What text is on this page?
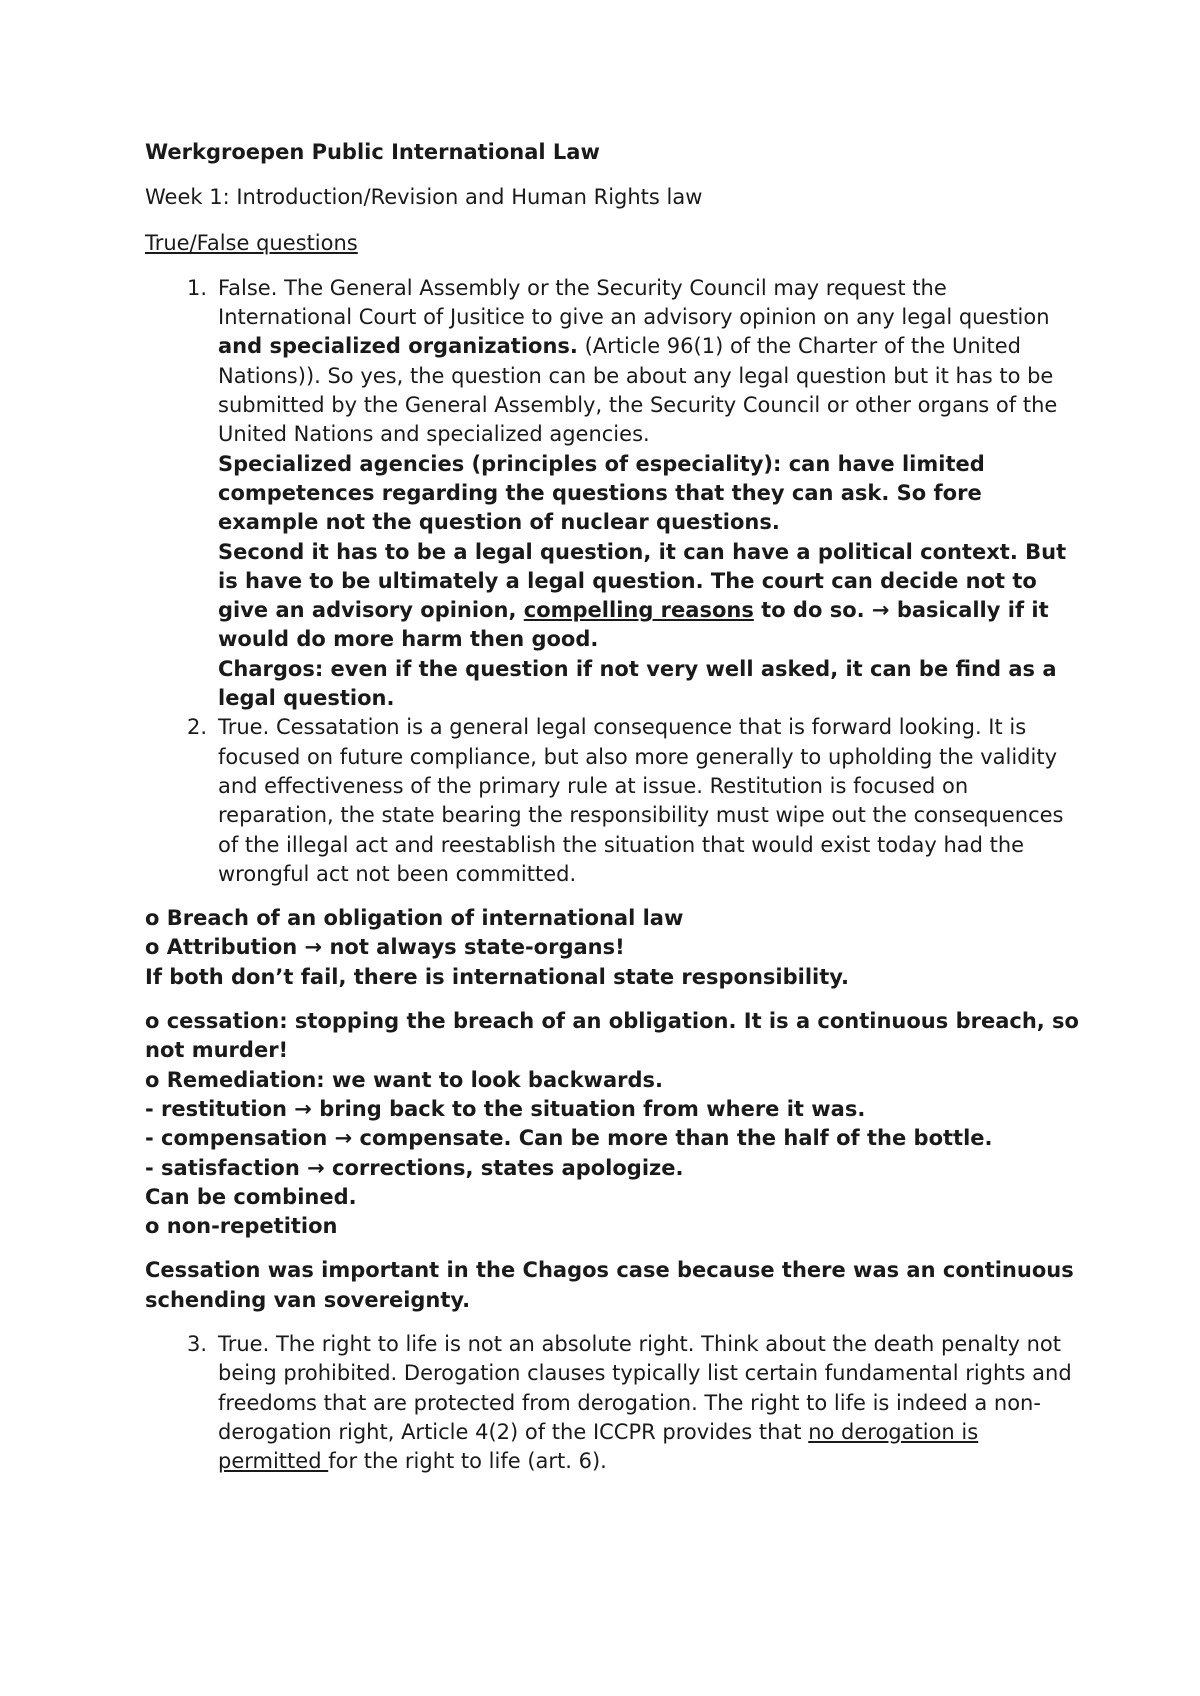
Werkgroepen Public International Law

Week 1: Introduction/Revision and Human Rights law

True/False questions

1. False. The General Assembly or the Security Council may request the International Court of Jusitice to give an advisory opinion on any legal question and specialized organizations. (Article 96(1) of the Charter of the United Nations)). So yes, the question can be about any legal question but it has to be submitted by the General Assembly, the Security Council or other organs of the United Nations and specialized agencies.

Specialized agencies (principles of especiality): can have limited competences regarding the questions that they can ask. So fore example not the question of nuclear questions.

Second it has to be a legal question, it can have a political context. But is have to be ultimately a legal question. The court can decide not to give an advisory opinion, compelling reasons to do so. → basically if it would do more harm then good.

Chargos: even if the question if not very well asked, it can be find as a legal question.

2. True. Cessatation is a general legal consequence that is forward looking. It is focused on future compliance, but also more generally to upholding the validity and effectiveness of the primary rule at issue. Restitution is focused on reparation, the state bearing the responsibility must wipe out the consequences of the illegal act and reestablish the situation that would exist today had the wrongful act not been committed.

o Breach of an obligation of international law

o Attribution → not always state-organs!

If both don’t fail, there is international state responsibility.

o cessation: stopping the breach of an obligation. It is a continuous breach, so not murder!

o Remediation: we want to look backwards.

- restitution → bring back to the situation from where it was.

- compensation → compensate. Can be more than the half of the bottle.

- satisfaction → corrections, states apologize.

Can be combined.

o non-repetition

Cessation was important in the Chagos case because there was an continuous schending van sovereignty.

3. True. The right to life is not an absolute right. Think about the death penalty not being prohibited. Derogation clauses typically list certain fundamental rights and freedoms that are protected from derogation. The right to life is indeed a non-derogation right, Article 4(2) of the ICCPR provides that no derogation is permitted for the right to life (art. 6).
